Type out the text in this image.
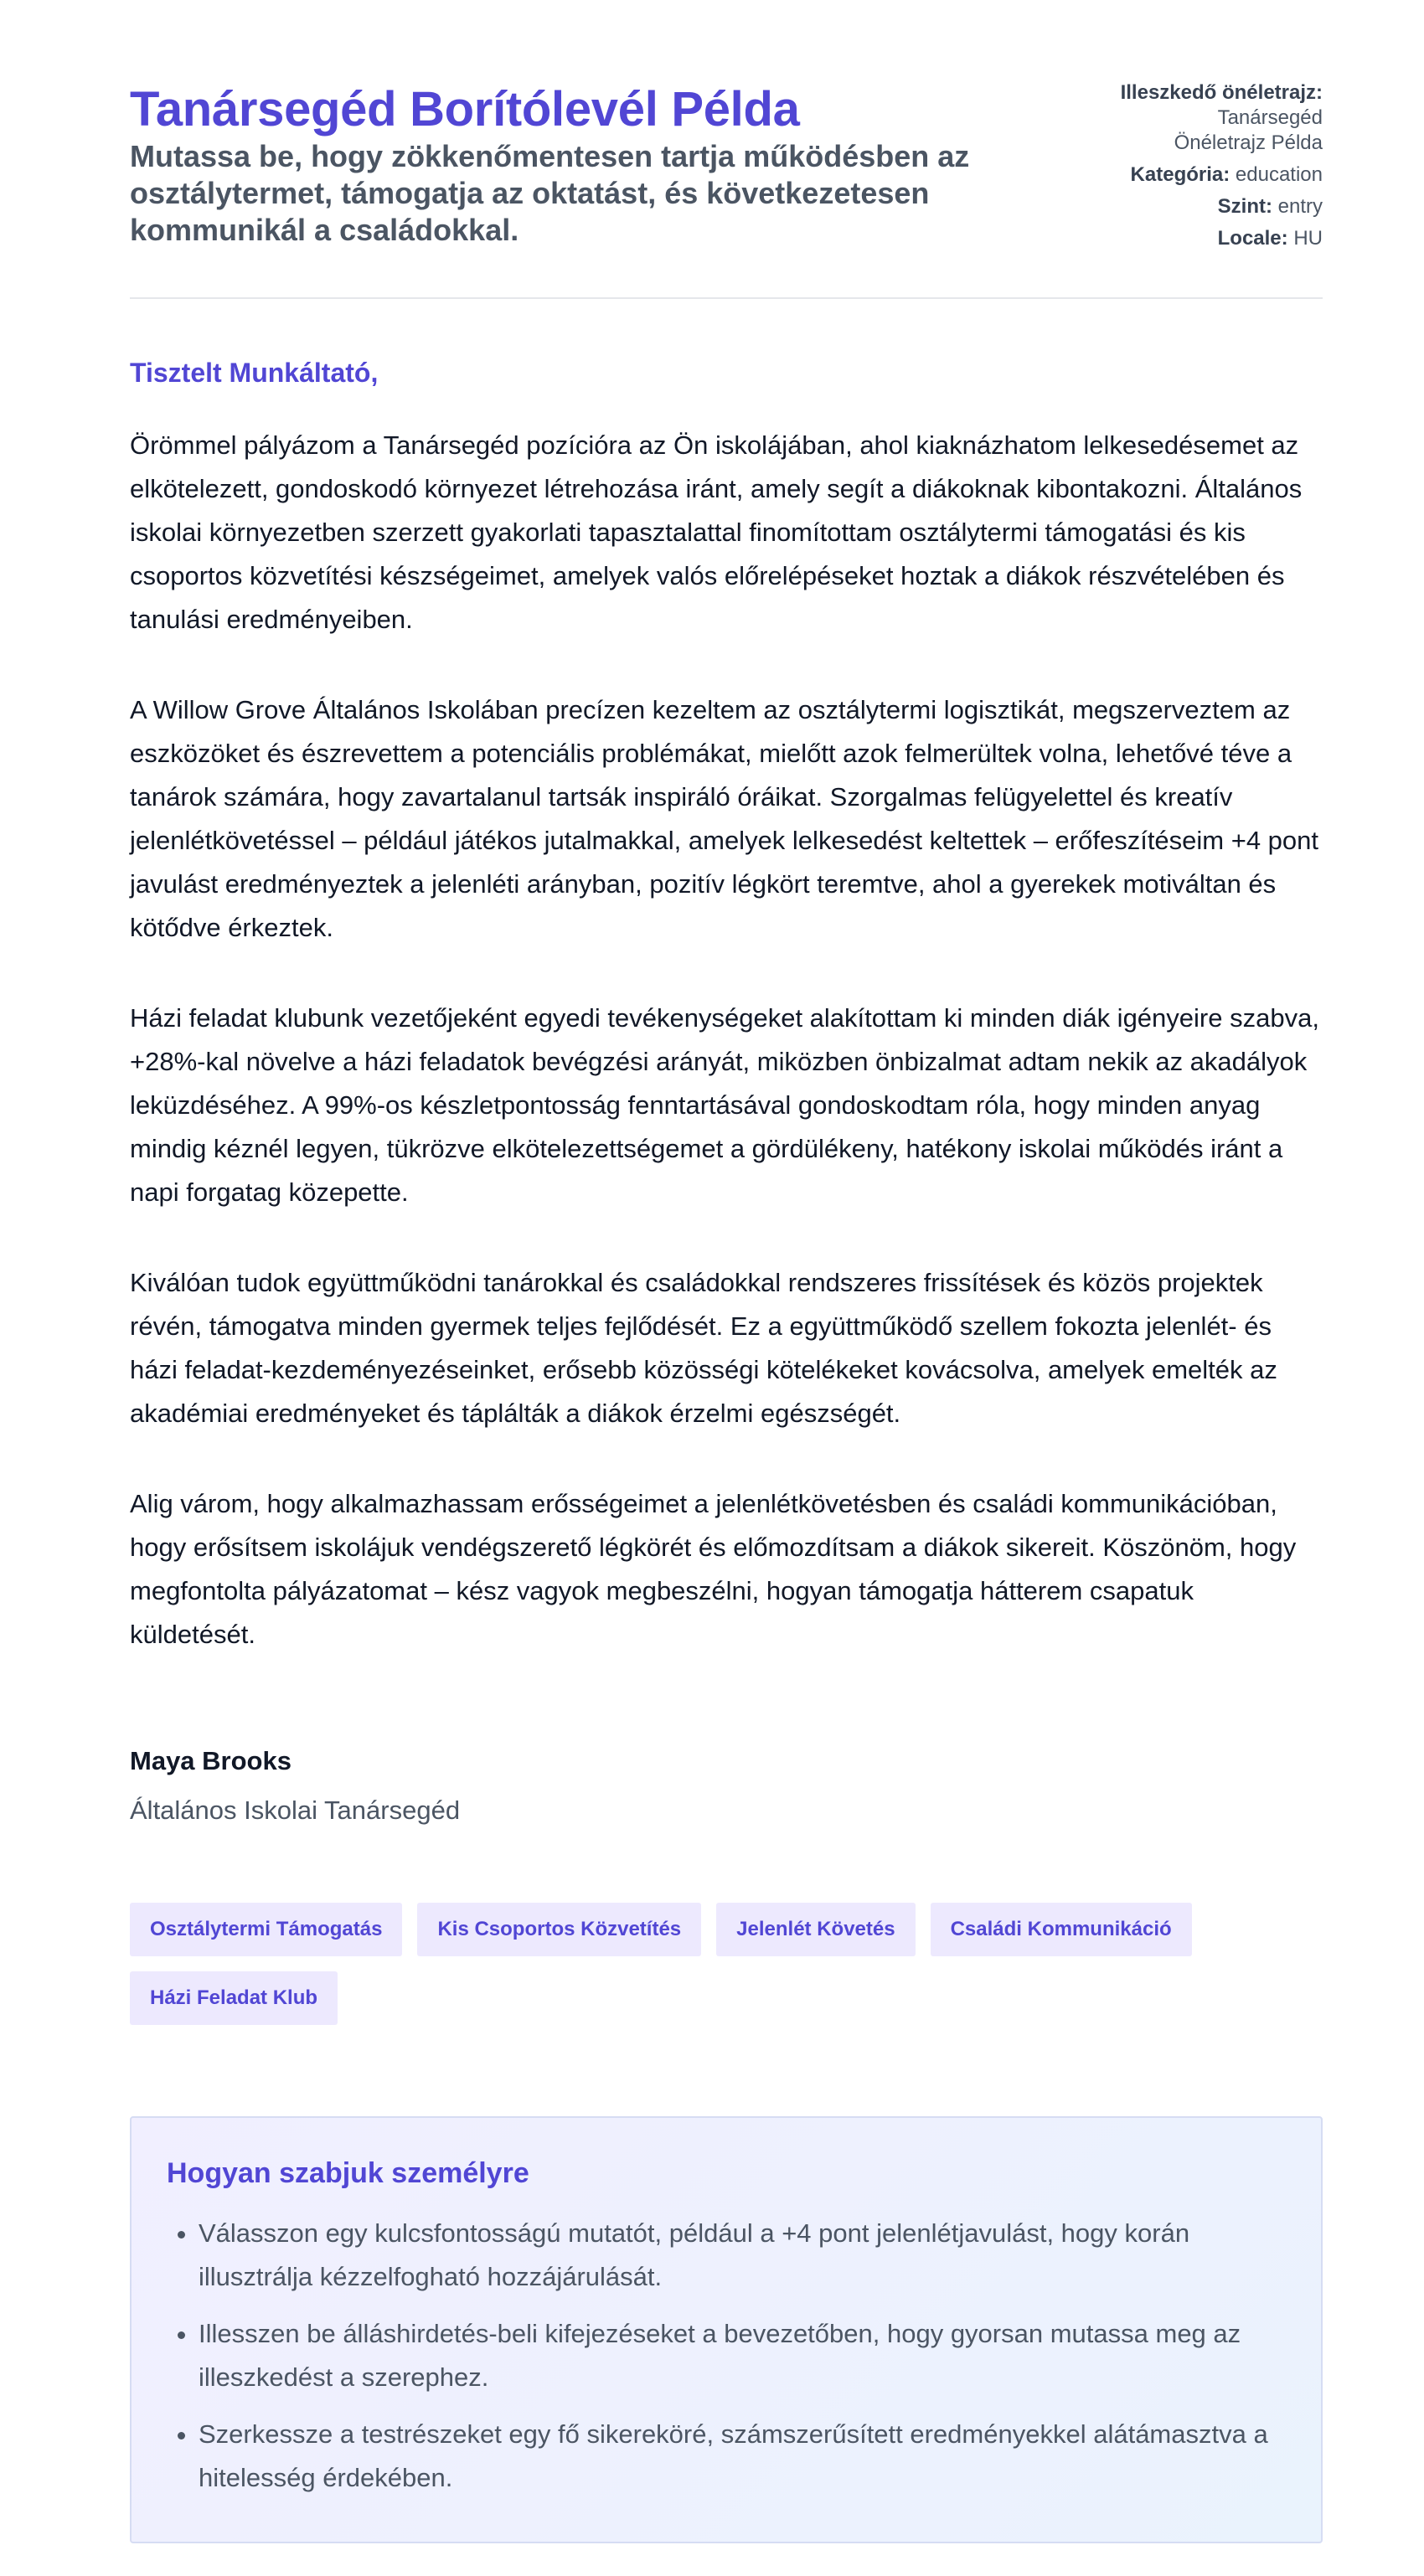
Tanársegéd Borítólevél Példa
Mutassa be, hogy zökkenőmentesen tartja működésben az osztálytermet, támogatja az oktatást, és következetesen kommunikál a családokkal.
Illeszkedő önéletrajz:
Tanársegéd
Önéletrajz Példa
Kategória: education
Szint: entry
Locale: HU

Tisztelt Munkáltató,

Örömmel pályázom a Tanársegéd pozícióra az Ön iskolájában, ahol kiaknázhatom lelkesedésemet az elkötelezett, gondoskodó környezet létrehozása iránt, amely segít a diákoknak kibontakozni. Általános iskolai környezetben szerzett gyakorlati tapasztalattal finomítottam osztálytermi támogatási és kis csoportos közvetítési készségeimet, amelyek valós előrelépéseket hoztak a diákok részvételében és tanulási eredményeiben.

A Willow Grove Általános Iskolában precízen kezeltem az osztálytermi logisztikát, megszerveztem az eszközöket és észrevettem a potenciális problémákat, mielőtt azok felmerültek volna, lehetővé téve a tanárok számára, hogy zavartalanul tartsák inspiráló óráikat. Szorgalmas felügyelettel és kreatív jelenlétkövetéssel – például játékos jutalmakkal, amelyek lelkesedést keltettek – erőfeszítéseim +4 pont javulást eredményeztek a jelenléti arányban, pozitív légkört teremtve, ahol a gyerekek motiváltan és kötődve érkeztek.

Házi feladat klubunk vezetőjeként egyedi tevékenységeket alakítottam ki minden diák igényeire szabva, +28%-kal növelve a házi feladatok bevégzési arányát, miközben önbizalmat adtam nekik az akadályok leküzdéséhez. A 99%-os készletpontosság fenntartásával gondoskodtam róla, hogy minden anyag mindig kéznél legyen, tükrözve elkötelezettségemet a gördülékeny, hatékony iskolai működés iránt a napi forgatag közepette.

Kiválóan tudok együttműködni tanárokkal és családokkal rendszeres frissítések és közös projektek révén, támogatva minden gyermek teljes fejlődését. Ez a együttműködő szellem fokozta jelenlét- és házi feladat-kezdeményezéseinket, erősebb közösségi kötelékeket kovácsolva, amelyek emelték az akadémiai eredményeket és táplálták a diákok érzelmi egészségét.

Alig várom, hogy alkalmazhassam erősségeimet a jelenlétkövetésben és családi kommunikációban, hogy erősítsem iskolájuk vendégszerető légkörét és előmozdítsam a diákok sikereit. Köszönöm, hogy megfontolta pályázatomat – kész vagyok megbeszélni, hogyan támogatja hátterem csapatuk küldetését.

Maya Brooks

Általános Iskolai Tanársegéd

Osztálytermi Támogatás	Kis Csoportos Közvetítés	Jelenlét Követés	Családi Kommunikáció
Házi Feladat Klub
Hogyan szabjuk személyre
• Válasszon egy kulcsfontosságú mutatót, például a +4 pont jelenlétjavulást, hogy korán illusztrálja kézzelfogható hozzájárulását.
• Illesszen be álláshirdetés-beli kifejezéseket a bevezetőben, hogy gyorsan mutassa meg az illeszkedést a szerephez.
• Szerkessze a testrészeket egy fő sikereköré, számszerűsített eredményekkel alátámasztva a hitelesség érdekében.
